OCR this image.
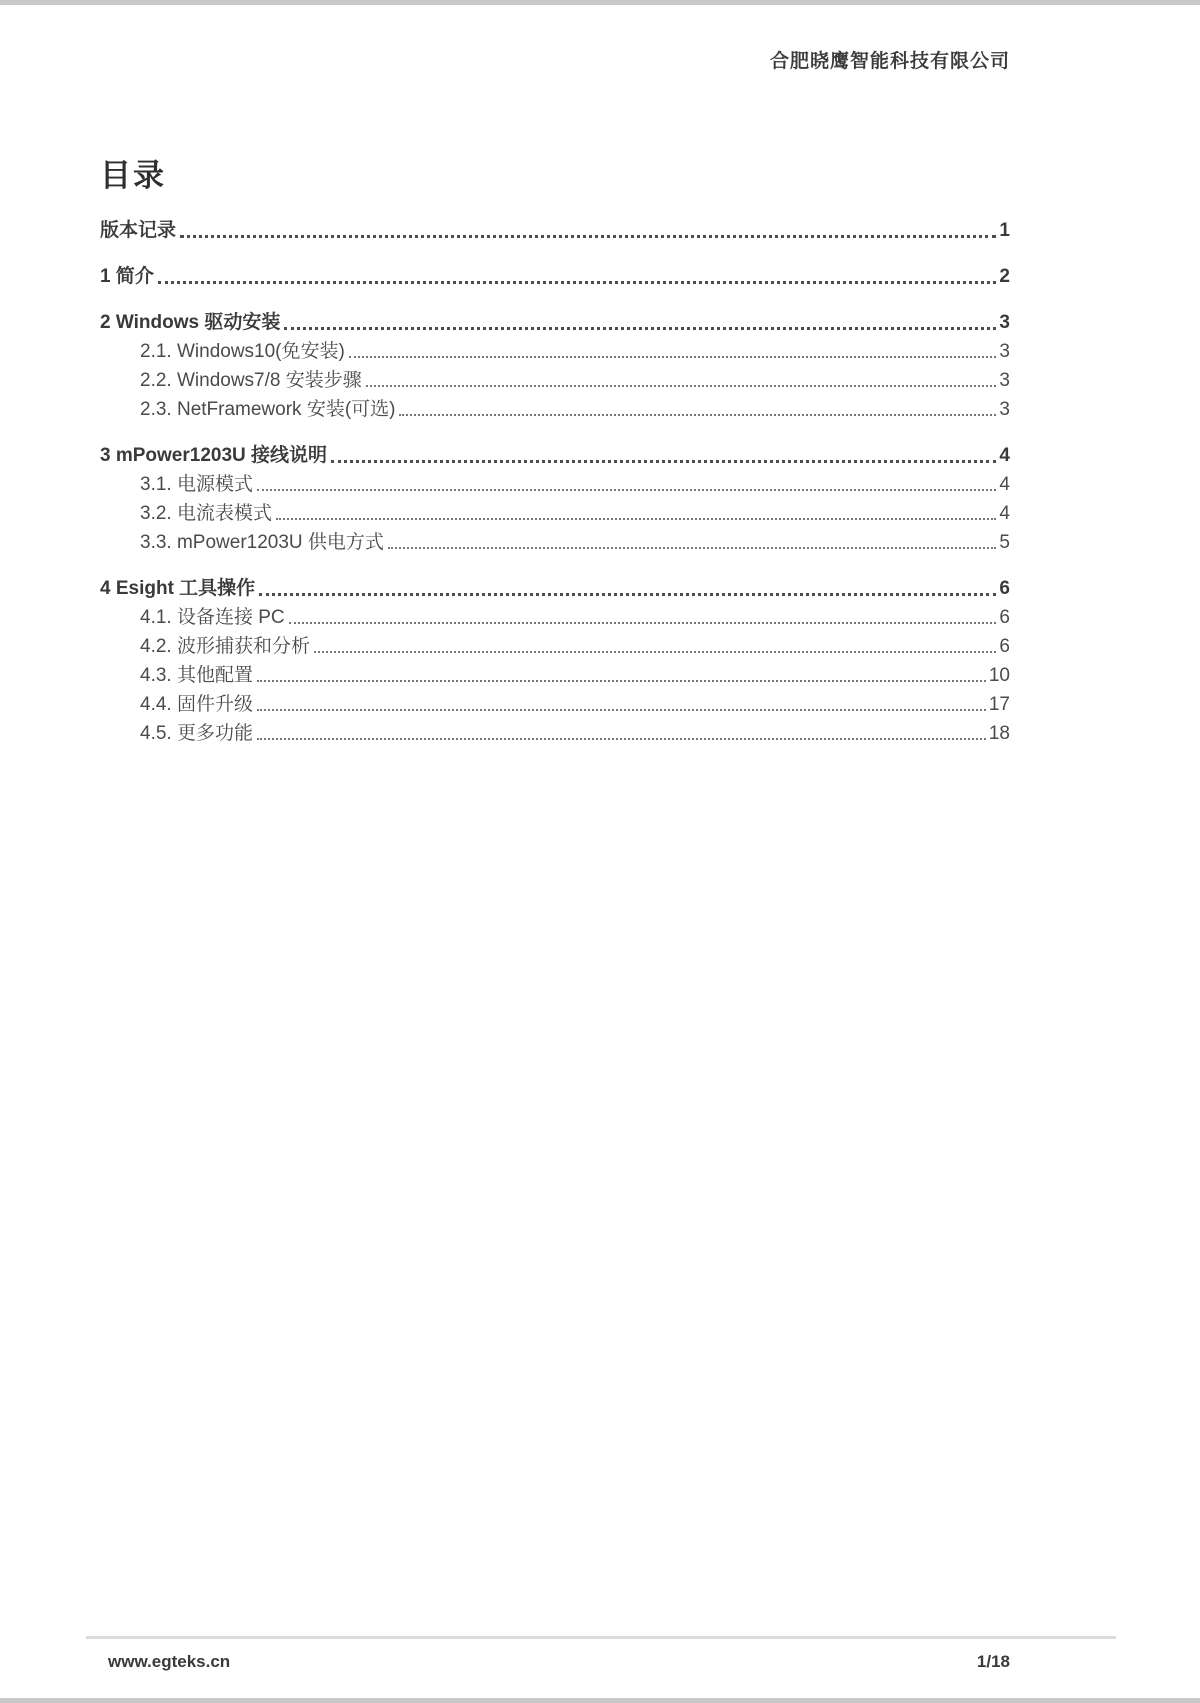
合肥晓鹰智能科技有限公司
目录
版本记录	1
1 简介	2
2 Windows 驱动安装	3
2.1. Windows10(免安装)	3
2.2. Windows7/8 安装步骤	3
2.3. NetFramework 安装(可选)	3
3 mPower1203U 接线说明	4
3.1. 电源模式	4
3.2. 电流表模式	4
3.3. mPower1203U 供电方式	5
4 Esight 工具操作	6
4.1. 设备连接 PC	6
4.2. 波形捕获和分析	6
4.3. 其他配置	10
4.4. 固件升级	17
4.5. 更多功能	18
www.egteks.cn	1/18
